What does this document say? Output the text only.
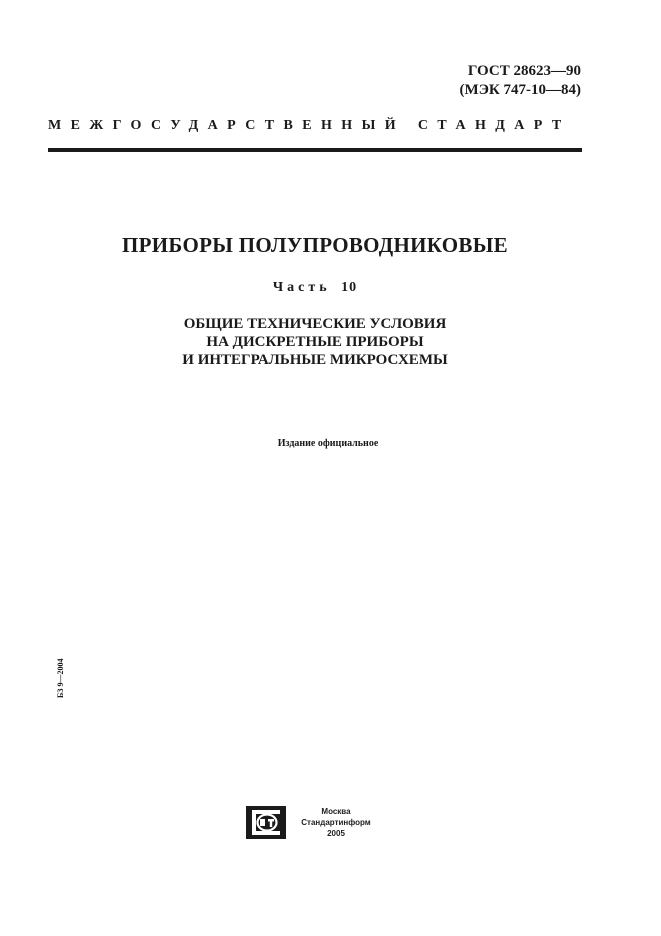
ГОСТ 28623—90
(МЭК 747-10—84)
МЕЖГОСУДАРСТВЕННЫЙ СТАНДАРТ
ПРИБОРЫ ПОЛУПРОВОДНИКОВЫЕ
Часть 10
ОБЩИЕ ТЕХНИЧЕСКИЕ УСЛОВИЯ
НА ДИСКРЕТНЫЕ ПРИБОРЫ
И ИНТЕГРАЛЬНЫЕ МИКРОСХЕМЫ
Издание официальное
БЗ 9—2004
Москва
Стандартинформ
2005
